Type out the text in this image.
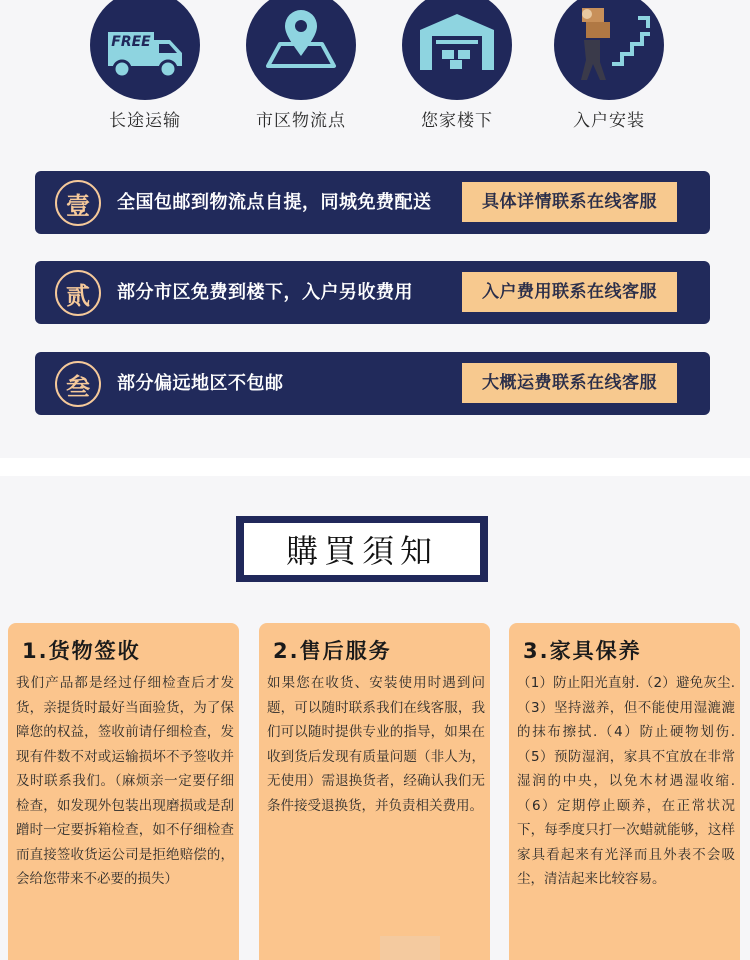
FREE
长途运输	市区物流点	您家楼下	入户安装
壹	全国包邮到物流点自提，同城免费配送	具体详情联系在线客服
贰	部分市区免费到楼下，入户另收费用	入户费用联系在线客服
叁	部分偏远地区不包邮	大概运费联系在线客服
購買須知
1.货物签收

我们产品都是经过仔细检查后才发货，亲提货时最好当面验货，为了保障您的权益，签收前请仔细检查，发现有件数不对或运输损坏不予签收并及时联系我们。（麻烦亲一定要仔细检查，如发现外包装出现磨损或是刮蹭时一定要拆箱检查，如不仔细检查而直接签收货运公司是拒绝赔偿的，会给您带来不必要的损失）

2.售后服务

如果您在收货、安装使用时遇到问题，可以随时联系我们在线客服，我们可以随时提供专业的指导，如果在收到货后发现有质量问题（非人为，无使用）需退换货者，经确认我们无条件接受退换货，并负责相关费用。

3.家具保养

（1）防止阳光直射.（2）避免灰尘.（3）坚持滋养，但不能使用湿漉漉的抹布擦拭.（4）防止硬物划伤.（5）预防湿润，家具不宜放在非常湿润的中央，以免木材遇湿收缩.（6）定期停止颐养，在正常状况下，每季度只打一次蜡就能够，这样家具看起来有光泽而且外表不会吸尘，清洁起来比较容易。
